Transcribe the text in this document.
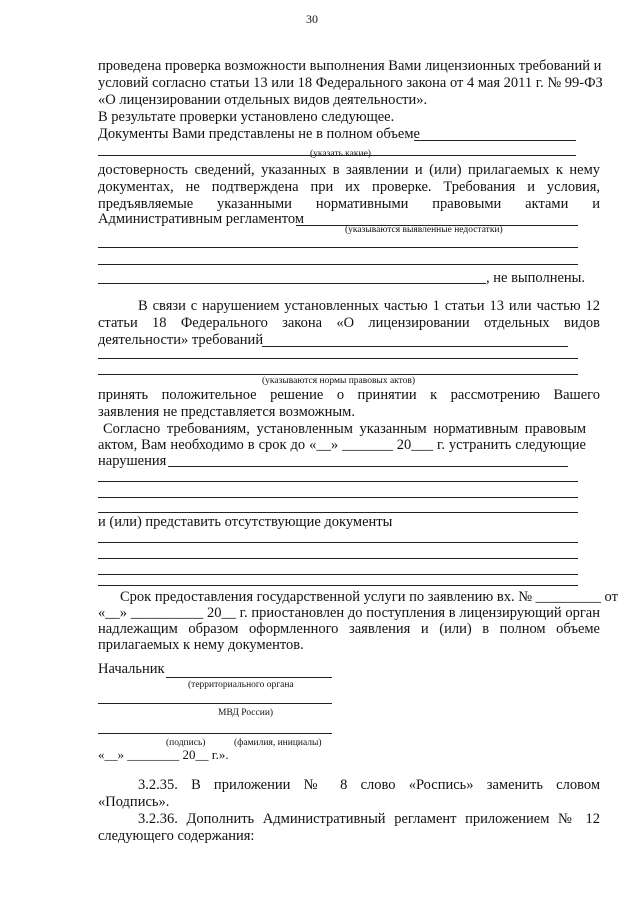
30
проведена проверка возможности выполнения Вами лицензионных требований и
условий согласно статьи 13 или 18 Федерального закона от 4 мая 2011 г. № 99-ФЗ
«О лицензировании отдельных видов деятельности».
В результате проверки установлено следующее.
Документы Вами представлены не в полном объеме
(указать какие)
достоверность сведений, указанных в заявлении и (или) прилагаемых к нему
документах, не подтверждена при их проверке. Требования и условия,
предъявляемые указанными нормативными правовыми актами и
Административным регламентом
(указываются выявленные недостатки)
, не выполнены.
В связи с нарушением установленных частью 1 статьи 13 или частью 12
статьи 18 Федерального закона «О лицензировании отдельных видов
деятельности» требований
(указываются нормы правовых актов)
принять положительное решение о принятии к рассмотрению Вашего
заявления не представляется возможным.
Согласно требованиям, установленным указанным нормативным правовым
актом, Вам необходимо в срок до «__» _______ 20___ г. устранить следующие
нарушения
и (или) представить отсутствующие документы
Срок предоставления государственной услуги по заявлению вх. № _________ от
«__» __________ 20__ г. приостановлен до поступления в лицензирующий орган
надлежащим образом оформленного заявления и (или) в полном объеме
прилагаемых к нему документов.
Начальник
(территориального органа
МВД России)
(подпись)	(фамилия, инициалы)
«__» ________ 20__ г.».
3.2.35. В приложении № 8 слово «Роспись» заменить словом
«Подпись».
3.2.36. Дополнить Административный регламент приложением № 12
следующего содержания:
